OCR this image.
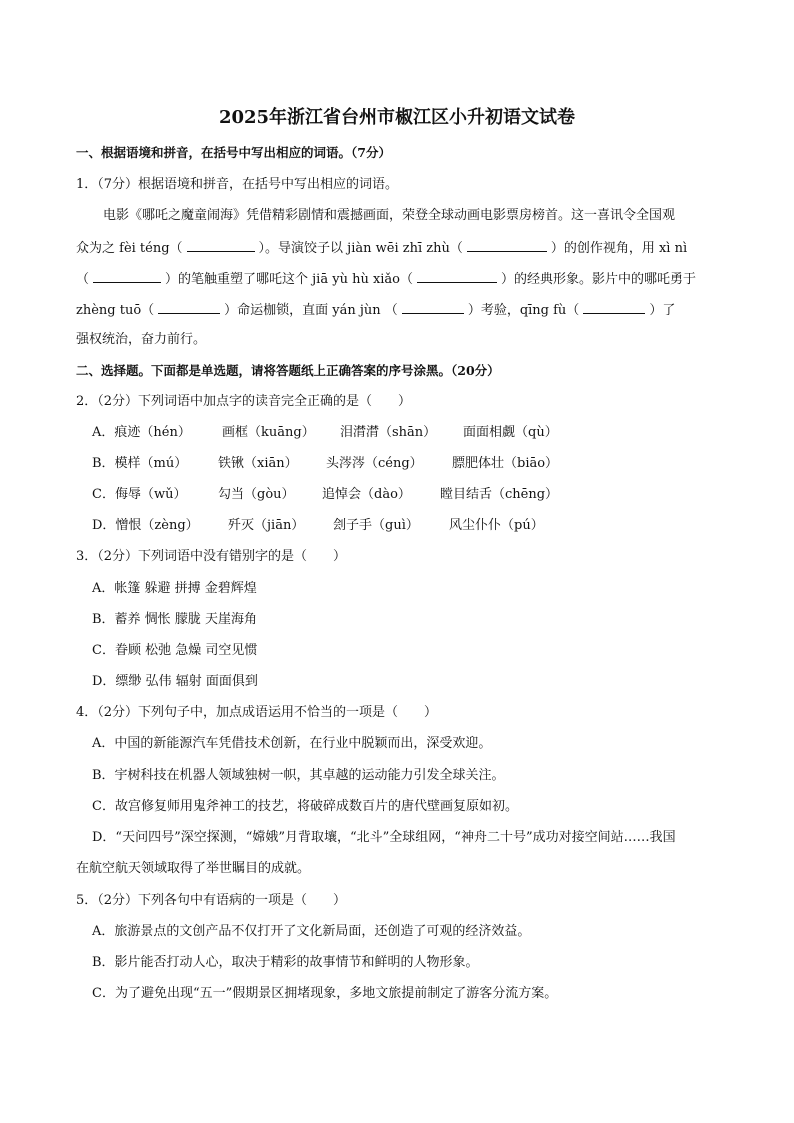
2025年浙江省台州市椒江区小升初语文试卷
一、根据语境和拼音，在括号中写出相应的词语。（7分）
1．（7分）根据语境和拼音，在括号中写出相应的词语。
电影《哪吒之魔童闹海》凭借精彩剧情和震撼画面，荣登全球动画电影票房榜首。这一喜讯令全国观
众为之 fèi téng（	）。导演饺子以 jiàn wēi zhī zhù（	）的创作视角，用 xì nì
（	）的笔触重塑了哪吒这个 jiā yù hù xiǎo（	）的经典形象。影片中的哪吒勇于
zhèng tuō（	）命运枷锁，直面 yán jùn （	）考验，qīng fù（	）了
强权统治，奋力前行。
二、选择题。下面都是单选题，请将答题纸上正确答案的序号涂黑。（20分）
2．（2分）下列词语中加点字的读音完全正确的是（　　）
A．痕迹（hén） 画框（kuāng） 泪潸潸（shān） 面面相觑（qù）
B．模样（mú） 铁锹（xiān） 头涔涔（céng） 膘肥体壮（biāo）
C．侮辱（wǔ） 勾当（gòu） 追悼会（dào） 瞠目结舌（chēng）
D．憎恨（zèng） 歼灭（jiān） 刽子手（guì） 风尘仆仆（pú）
3．（2分）下列词语中没有错别字的是（　　）
A．帐篷 躲避 拼搏 金碧辉煌
B．蓄养 惆怅 朦胧 天崖海角
C．眷顾 松弛 急燥 司空见惯
D．缥缈 弘伟 辐射 面面俱到
4．（2分）下列句子中，加点成语运用不恰当的一项是（　　）
A．中国的新能源汽车凭借技术创新，在行业中脱颖而出，深受欢迎。
B．宇树科技在机器人领域独树一帜，其卓越的运动能力引发全球关注。
C．故宫修复师用鬼斧神工的技艺，将破碎成数百片的唐代壁画复原如初。
D．“天问四号”深空探测，“嫦娥”月背取壤，“北斗”全球组网，“神舟二十号”成功对接空间站……我国
在航空航天领域取得了举世瞩目的成就。
5．（2分）下列各句中有语病的一项是（　　）
A．旅游景点的文创产品不仅打开了文化新局面，还创造了可观的经济效益。
B．影片能否打动人心，取决于精彩的故事情节和鲜明的人物形象。
C．为了避免出现“五一”假期景区拥堵现象，多地文旅提前制定了游客分流方案。
